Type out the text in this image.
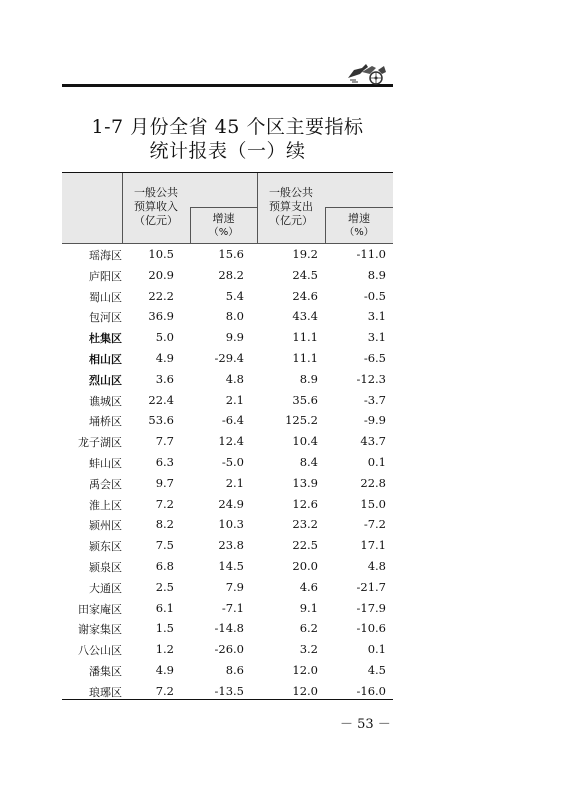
1-7 月份全省 45 个区主要指标
统计报表（一）续
一般公共
预算收入
（亿元）	增速
（%）
一般公共
预算支出
（亿元）	增速
（%）
瑶海区 10.5	15.6	19.2	-11.0
庐阳区 20.9	28.2	24.5	8.9
蜀山区 22.2	5.4	24.6	-0.5
包河区 36.9	8.0	43.4	3.1
杜集区	5.0	9.9	11.1	3.1
相山区	4.9	-29.4	11.1	-6.5
烈山区	3.6	4.8	8.9	-12.3
谯城区 22.4	2.1	35.6	-3.7
埇桥区 53.6	-6.4	125.2	-9.9
龙子湖区	7.7	12.4	10.4	43.7
蚌山区	6.3	-5.0	8.4	0.1
禹会区	9.7	2.1	13.9	22.8
淮上区	7.2	24.9	12.6	15.0
颍州区	8.2	10.3	23.2	-7.2
颍东区	7.5	23.8	22.5	17.1
颍泉区	6.8	14.5	20.0	4.8
大通区	2.5	7.9	4.6	-21.7
田家庵区	6.1	-7.1	9.1	-17.9
谢家集区	1.5	-14.8	6.2	-10.6
八公山区	1.2	-26.0	3.2	0.1
潘集区	4.9	8.6	12.0	4.5
琅琊区	7.2	-13.5	12.0	-16.0
－ 53 －
